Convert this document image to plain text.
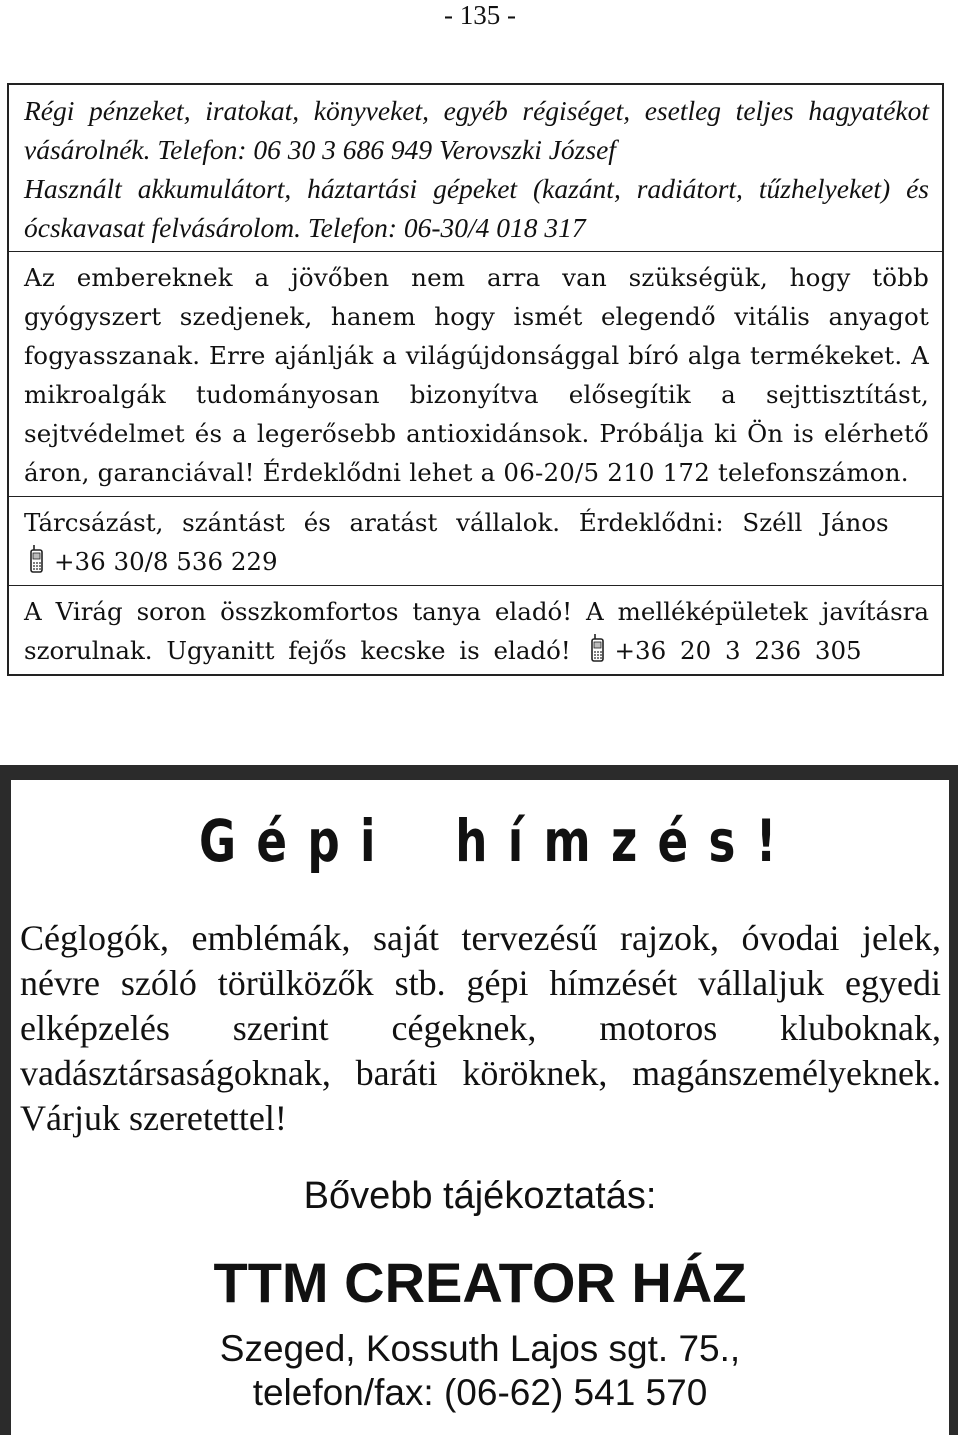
- 135 -
Régi pénzeket, iratokat, könyveket, egyéb régiséget, esetleg teljes hagyatékot vásárolnék. Telefon: 06 30 3 686 949 Verovszki József
Használt akkumulátort, háztartási gépeket (kazánt, radiátort, tűzhelyeket) és ócskavasat felvásárolom. Telefon: 06-30/4 018 317
Az embereknek a jövőben nem arra van szükségük, hogy több gyógyszert szedjenek, hanem hogy ismét elegendő vitális anyagot fogyasszanak. Erre ajánlják a világújdonsággal bíró alga termékeket. A mikroalgák tudományosan bizonyítva elősegítik a sejttisztítást, sejtvédelmet és a legerősebb antioxidánsok. Próbálja ki Ön is elérhető áron, garanciával! Érdeklődni lehet a 06-20/5 210 172 telefonszámon.
Tárcsázást, szántást és aratást vállalok. Érdeklődni: Széll János
+36 30/8 536 229
A Virág soron összkomfortos tanya eladó! A melléképületek javításra szorulnak. Ugyanitt fejős kecske is eladó! +36 20 3 236 305
Gépi hímzés!
Céglogók, emblémák, saját tervezésű rajzok, óvodai jelek, névre szóló törülközők stb. gépi hímzését vállaljuk egyedi elképzelés szerint cégeknek, motoros kluboknak, vadásztársaságoknak, baráti köröknek, magánszemélyeknek. Várjuk szeretettel!
Bővebb tájékoztatás:
TTM CREATOR HÁZ
Szeged, Kossuth Lajos sgt. 75.,
telefon/fax: (06-62) 541 570
